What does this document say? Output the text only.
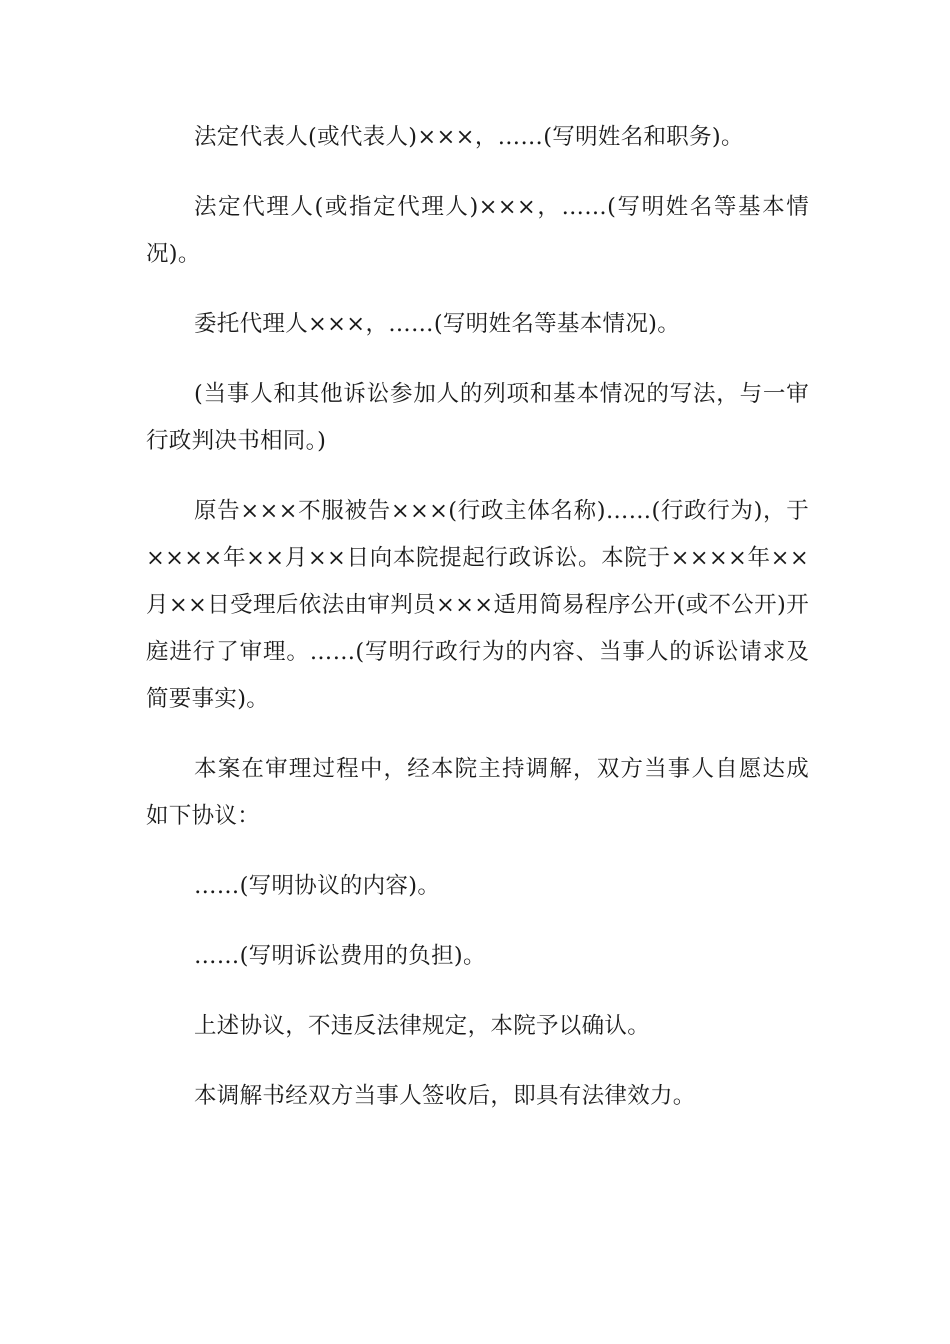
法定代表人(或代表人)×××，……(写明姓名和职务)。

法定代理人(或指定代理人)×××，……(写明姓名等基本情况)。

委托代理人×××，……(写明姓名等基本情况)。

(当事人和其他诉讼参加人的列项和基本情况的写法，与一审行政判决书相同。)

原告×××不服被告×××(行政主体名称)……(行政行为)，于××××年××月××日向本院提起行政诉讼。本院于××××年××月××日受理后依法由审判员×××适用简易程序公开(或不公开)开庭进行了审理。……(写明行政行为的内容、当事人的诉讼请求及简要事实)。

本案在审理过程中，经本院主持调解，双方当事人自愿达成如下协议：

……(写明协议的内容)。

……(写明诉讼费用的负担)。

上述协议，不违反法律规定，本院予以确认。

本调解书经双方当事人签收后，即具有法律效力。
